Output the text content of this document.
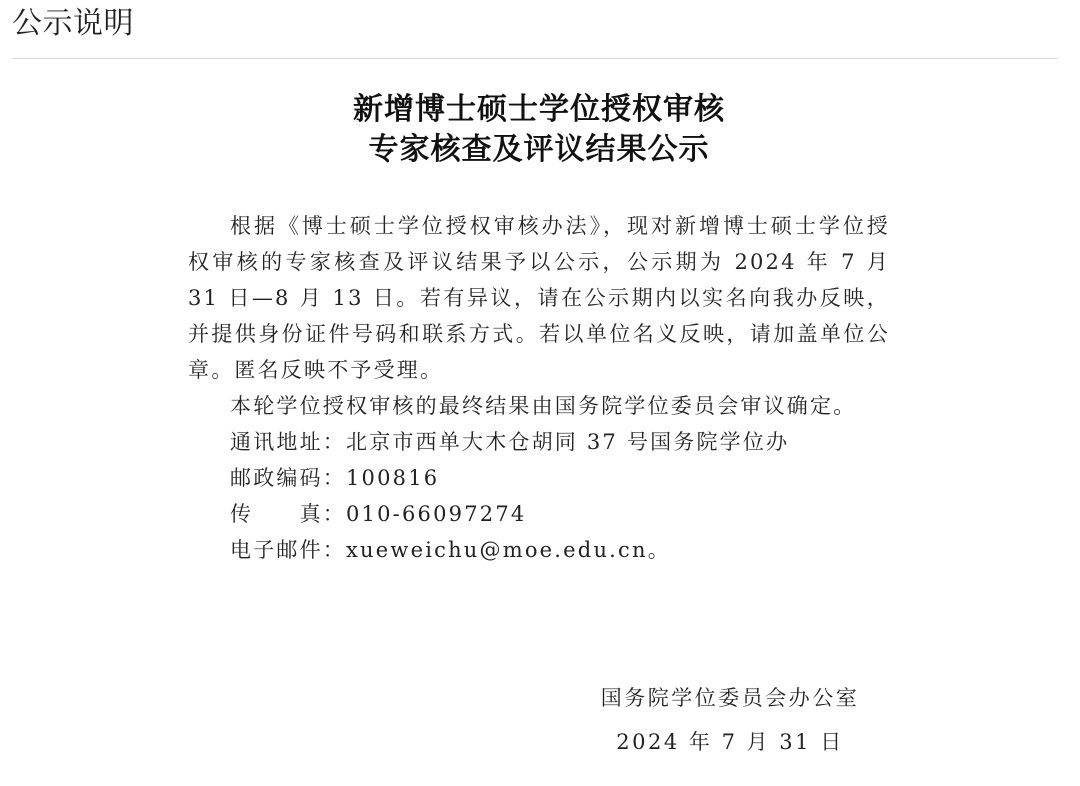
公示说明
新增博士硕士学位授权审核
专家核查及评议结果公示

根据《博士硕士学位授权审核办法》，现对新增博士硕士学位授权审核的专家核查及评议结果予以公示，公示期为 2024 年 7 月 31 日—8 月 13 日。若有异议，请在公示期内以实名向我办反映，并提供身份证件号码和联系方式。若以单位名义反映，请加盖单位公章。匿名反映不予受理。

本轮学位授权审核的最终结果由国务院学位委员会审议确定。

通讯地址：北京市西单大木仓胡同 37 号国务院学位办
邮政编码：100816
传　　真：010-66097274
电子邮件：xueweichu@moe.edu.cn。
国务院学位委员会办公室
2024 年 7 月 31 日
